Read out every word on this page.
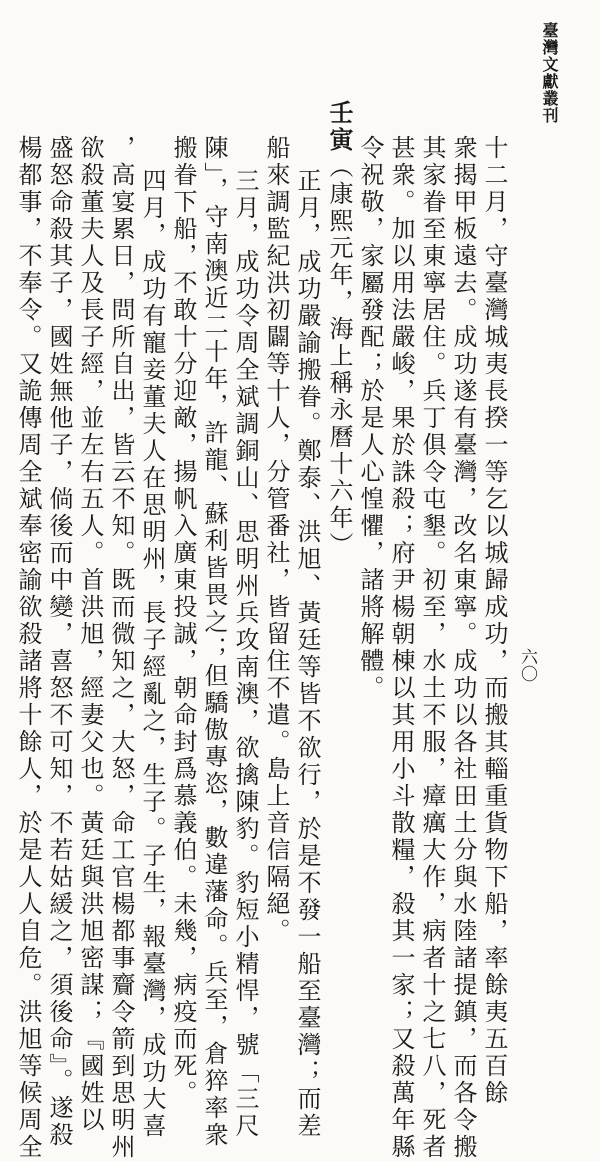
臺灣文獻叢刊
六〇
十二月，守臺灣城夷長揆一等乞以城歸成功，而搬其輜重貨物下船，率餘夷五百餘
衆揭甲板遠去。成功遂有臺灣，改名東寧。成功以各社田土分與水陸諸提鎮，而各令搬
其家眷至東寧居住。兵丁俱令屯墾。初至，水土不服，瘴癘大作，病者十之七八，死者
甚衆。加以用法嚴峻，果於誅殺；府尹楊朝棟以其用小斗散糧，殺其一家；又殺萬年縣
令祝敬，家屬發配；於是人心惶懼，諸將解體。
壬寅（康熙元年，海上稱永曆十六年）
正月，成功嚴諭搬眷。鄭泰、洪旭、黃廷等皆不欲行，於是不發一船至臺灣；而差
船來調監紀洪初闢等十人，分管番社，皆留住不遣。島上音信隔絕。
三月，成功令周全斌調銅山、思明州兵攻南澳，欲擒陳豹。豹短小精悍，號「三尺
陳」，守南澳近二十年，許龍、蘇利皆畏之；但驕傲專恣，數違藩命。兵至，倉猝率衆
搬眷下船，不敢十分迎敵，揚帆入廣東投誠，朝命封爲慕義伯。未幾，病疫而死。
四月，成功有寵妾董夫人在思明州，長子經亂之，生子。子生，報臺灣，成功大喜
，高宴累日，問所自出，皆云不知。既而微知之，大怒，命工官楊都事齎令箭到思明州
欲殺董夫人及長子經，並左右五人。首洪旭，經妻父也。黃廷與洪旭密謀；『國姓以
盛怒命殺其子，國姓無他子，倘後而中變，喜怒不可知，不若姑緩之，須後命』。遂殺
楊都事，不奉令。又詭傳周全斌奉密諭欲殺諸將十餘人，於是人人自危。洪旭等候周全
